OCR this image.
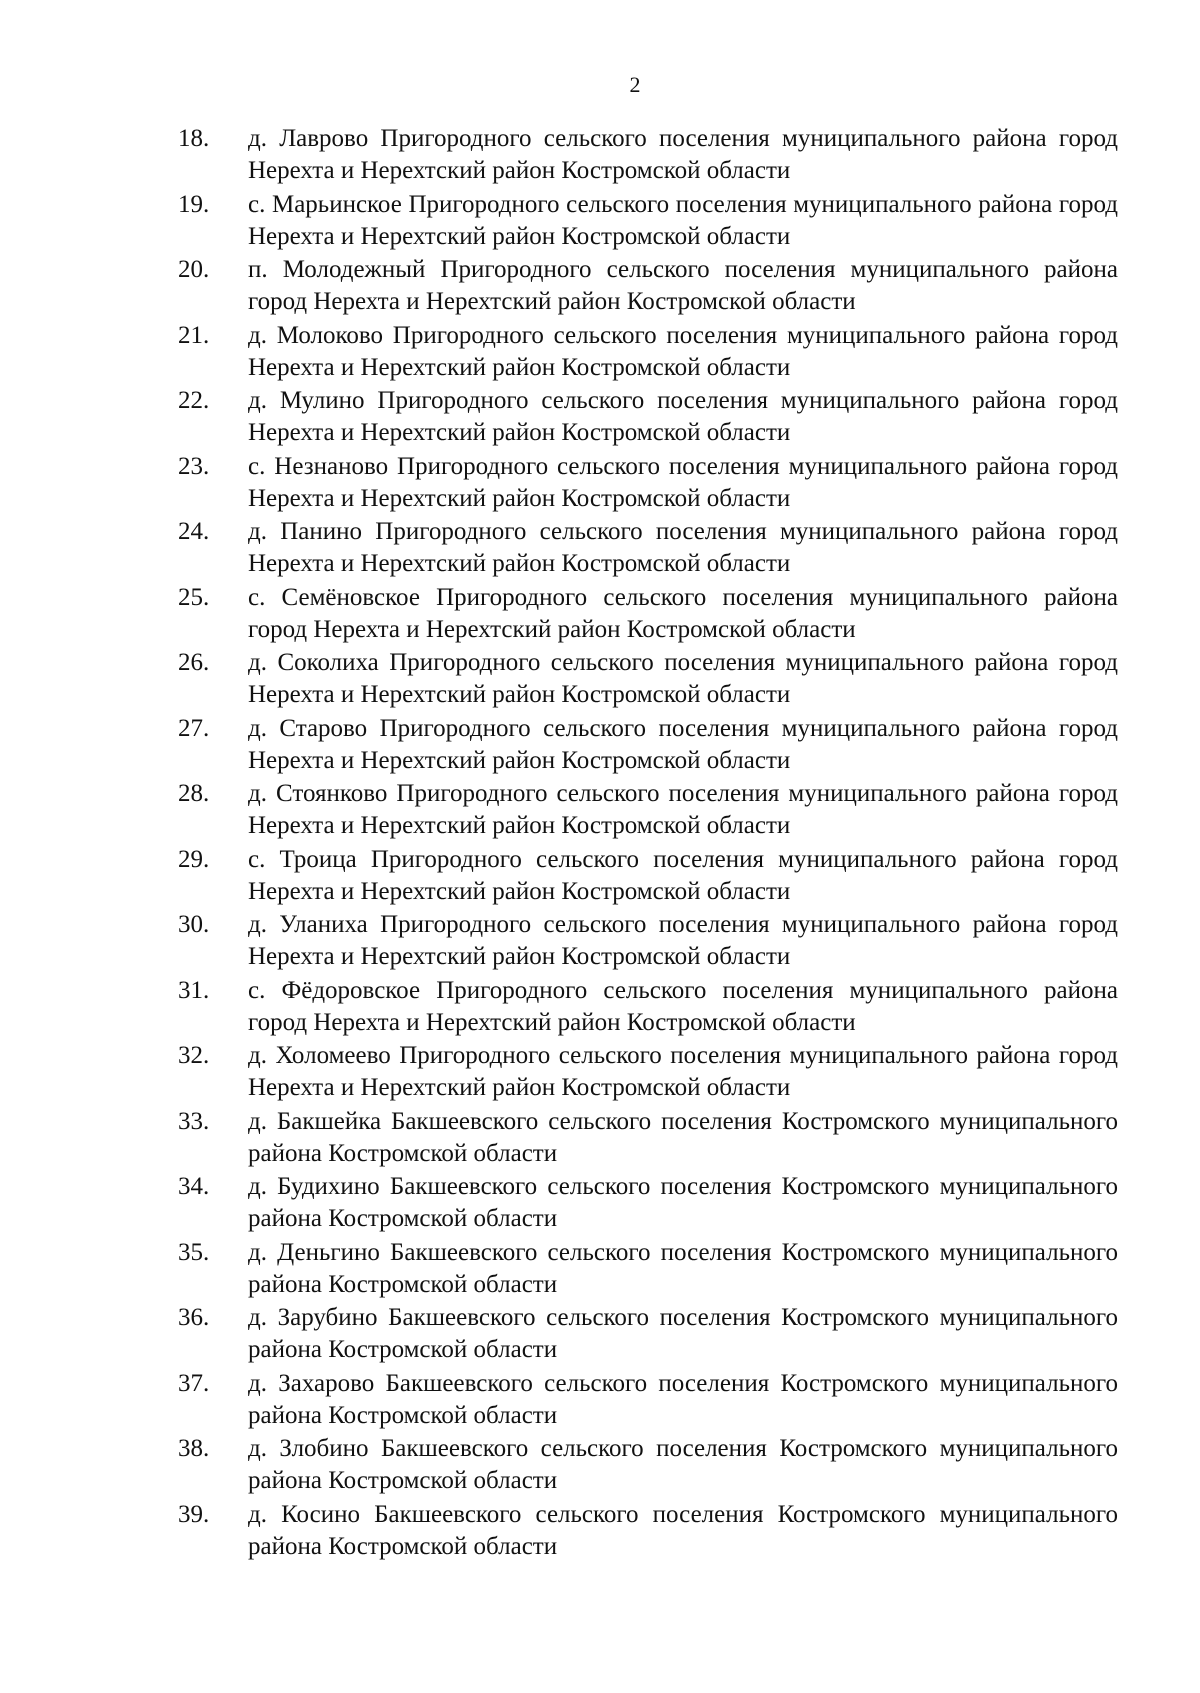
2
18.	д. Лаврово Пригородного сельского поселения муниципального района город Нерехта и Нерехтский район Костромской области
19.	с. Марьинское Пригородного сельского поселения муниципального района город Нерехта и Нерехтский район Костромской области
20.	п. Молодежный Пригородного сельского поселения муниципального района город Нерехта и Нерехтский район Костромской области
21.	д. Молоково Пригородного сельского поселения муниципального района город Нерехта и Нерехтский район Костромской области
22.	д. Мулино Пригородного сельского поселения муниципального района город Нерехта и Нерехтский район Костромской области
23.	с. Незнаново Пригородного сельского поселения муниципального района город Нерехта и Нерехтский район Костромской области
24.	д. Панино Пригородного сельского поселения муниципального района город Нерехта и Нерехтский район Костромской области
25.	с. Семёновское Пригородного сельского поселения муниципального района город Нерехта и Нерехтский район Костромской области
26.	д. Соколиха Пригородного сельского поселения муниципального района город Нерехта и Нерехтский район Костромской области
27.	д. Старово Пригородного сельского поселения муниципального района город Нерехта и Нерехтский район Костромской области
28.	д. Стоянково Пригородного сельского поселения муниципального района город Нерехта и Нерехтский район Костромской области
29.	с. Троица Пригородного сельского поселения муниципального района город Нерехта и Нерехтский район Костромской области
30.	д. Уланиха Пригородного сельского поселения муниципального района город Нерехта и Нерехтский район Костромской области
31.	с. Фёдоровское Пригородного сельского поселения муниципального района город Нерехта и Нерехтский район Костромской области
32.	д. Холомеево Пригородного сельского поселения муниципального района город Нерехта и Нерехтский район Костромской области
33.	д. Бакшейка Бакшеевского сельского поселения Костромского муниципального района Костромской области
34.	д. Будихино Бакшеевского сельского поселения Костромского муниципального района Костромской области
35.	д. Деньгино Бакшеевского сельского поселения Костромского муниципального района Костромской области
36.	д. Зарубино Бакшеевского сельского поселения Костромского муниципального района Костромской области
37.	д. Захарово Бакшеевского сельского поселения Костромского муниципального района Костромской области
38.	д. Злобино Бакшеевского сельского поселения Костромского муниципального района Костромской области
39.	д. Косино Бакшеевского сельского поселения Костромского муниципального района Костромской области
